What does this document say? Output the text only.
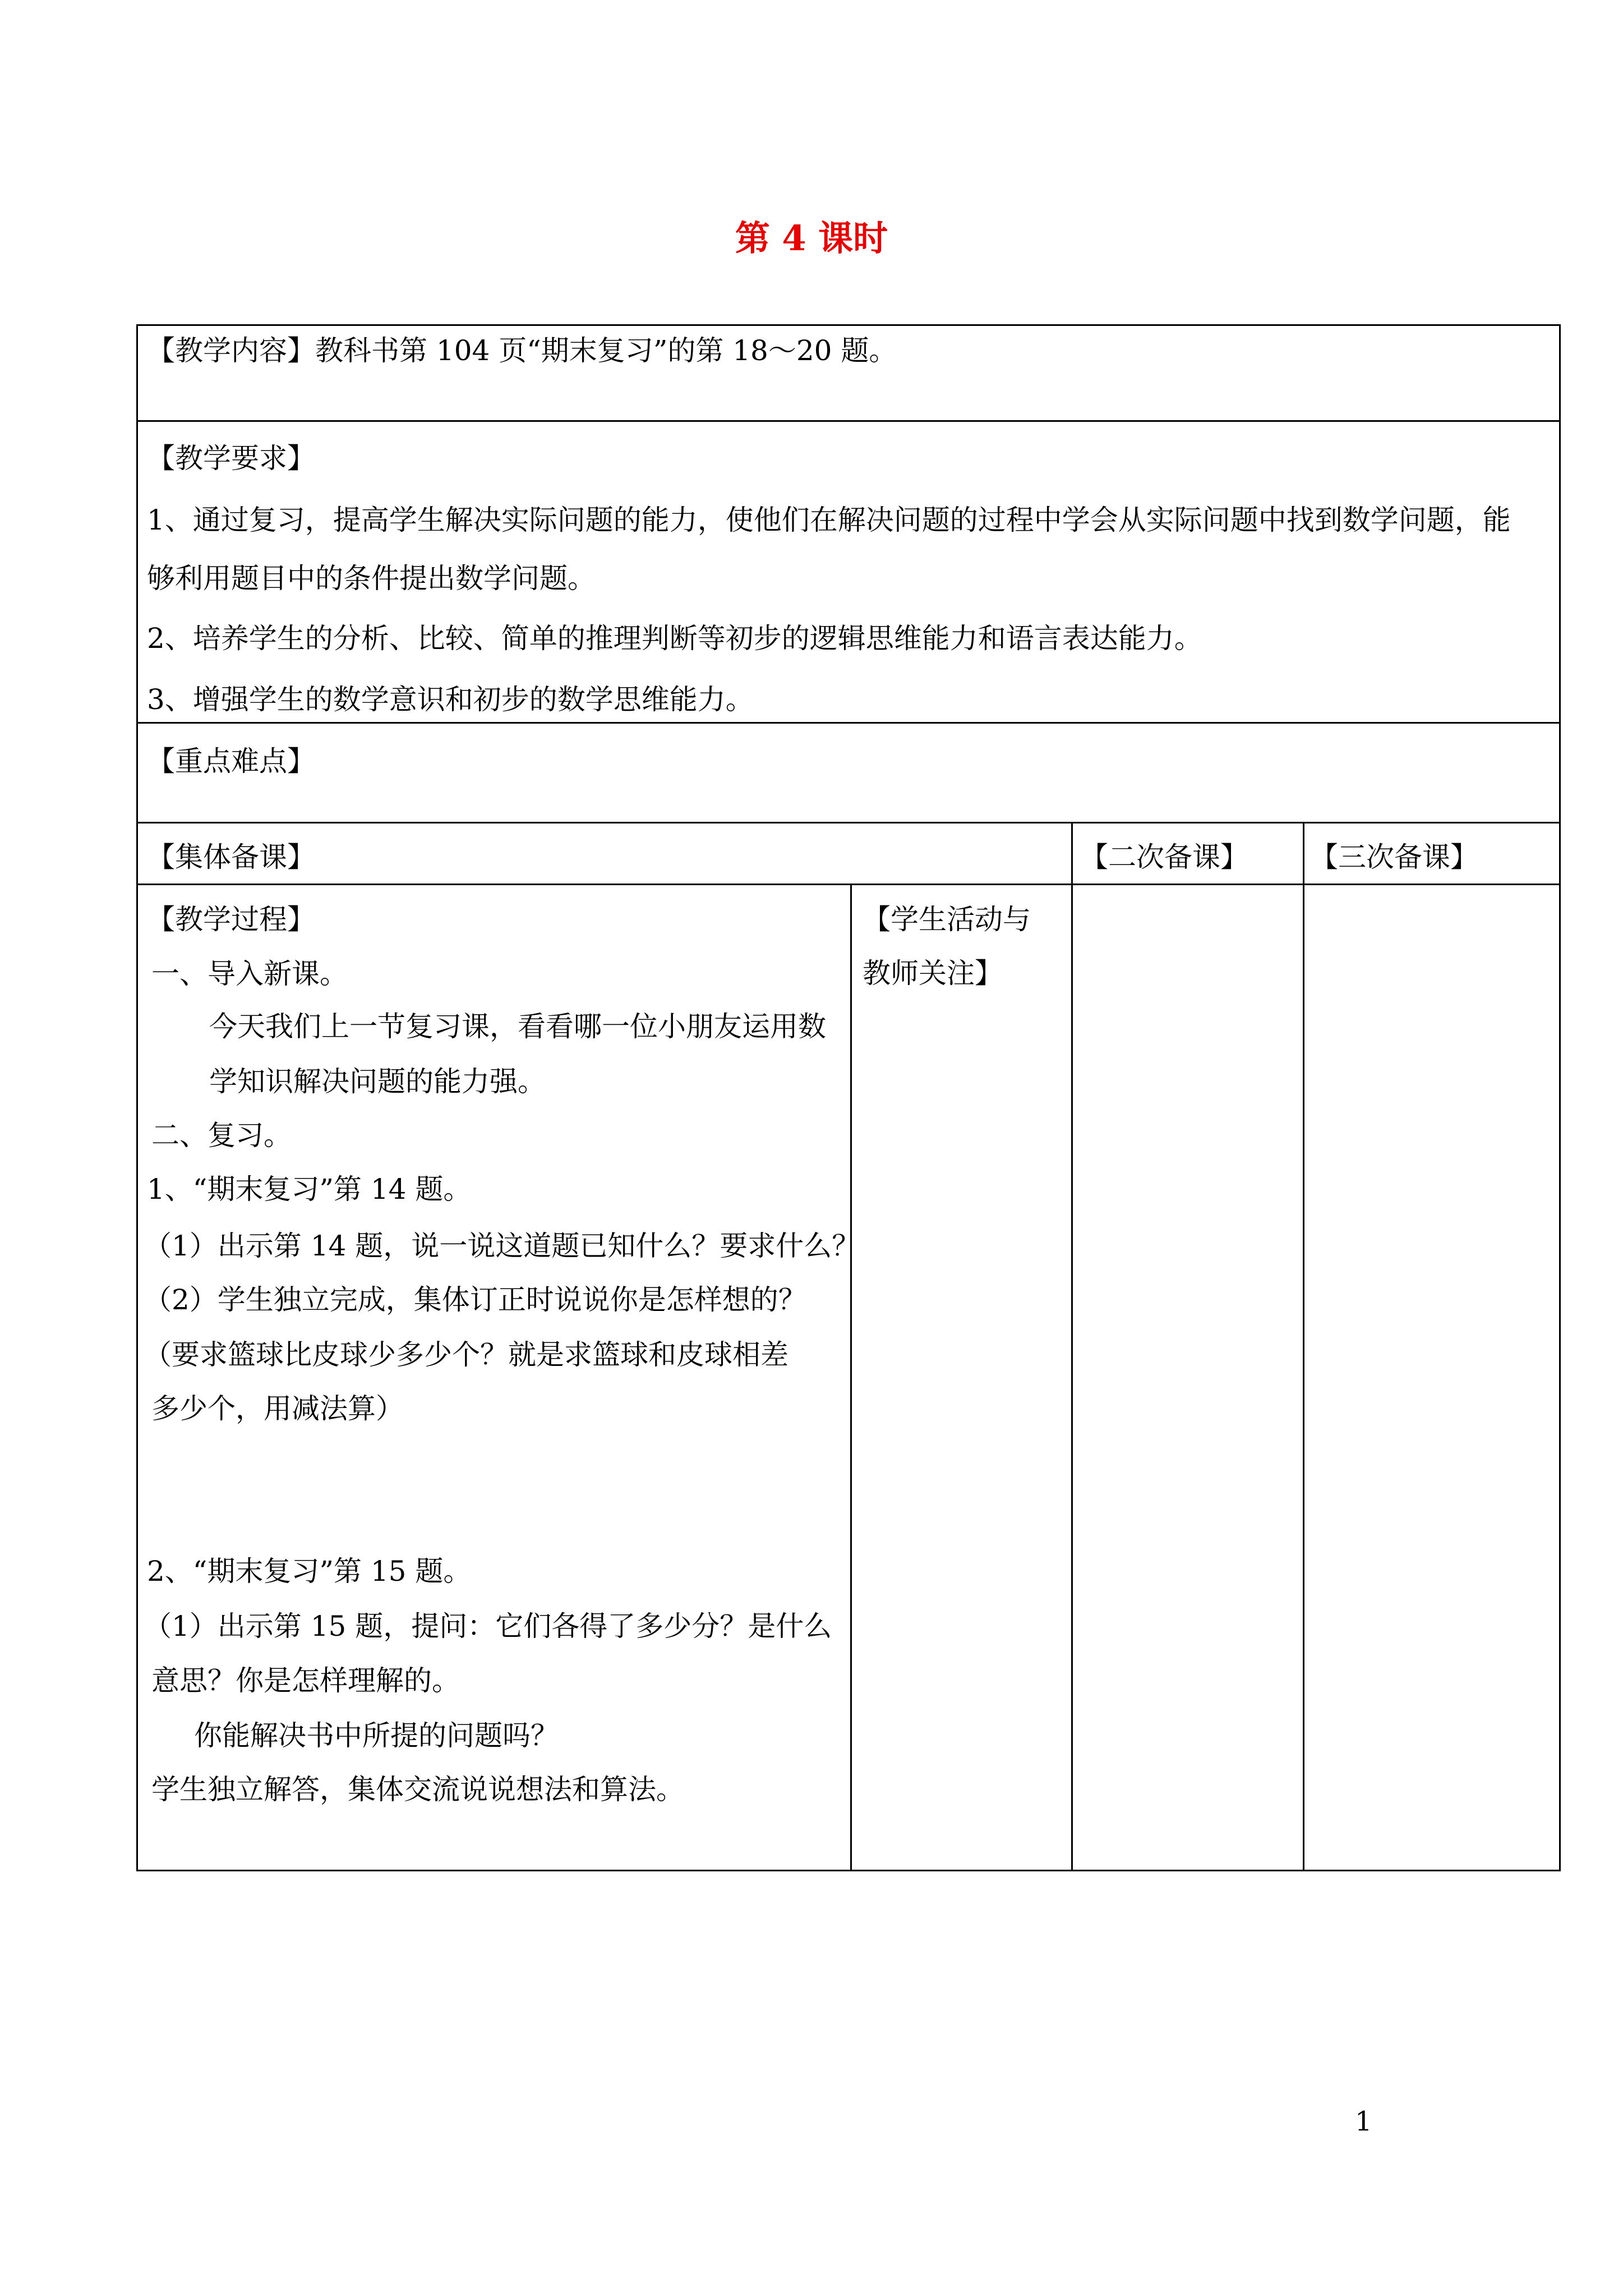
第 4 课时
【教学内容】教科书第 104 页“期末复习”的第 18～20 题。
【教学要求】
1、通过复习，提高学生解决实际问题的能力，使他们在解决问题的过程中学会从实际问题中找到数学问题，能
够利用题目中的条件提出数学问题。
2、培养学生的分析、比较、简单的推理判断等初步的逻辑思维能力和语言表达能力。
3、增强学生的数学意识和初步的数学思维能力。
【重点难点】
【集体备课】	【二次备课】 【三次备课】
【教学过程】
一、导入新课。
今天我们上一节复习课，看看哪一位小朋友运用数
学知识解决问题的能力强。
二、复习。
1、“期末复习”第 14 题。
（1）出示第 14 题，说一说这道题已知什么？要求什么？
（2）学生独立完成，集体订正时说说你是怎样想的？
（要求篮球比皮球少多少个？就是求篮球和皮球相差
多少个，用减法算）
2、“期末复习”第 15 题。
（1）出示第 15 题，提问：它们各得了多少分？是什么
意思？你是怎样理解的。
你能解决书中所提的问题吗？
学生独立解答，集体交流说说想法和算法。
【学生活动与
教师关注】
1
